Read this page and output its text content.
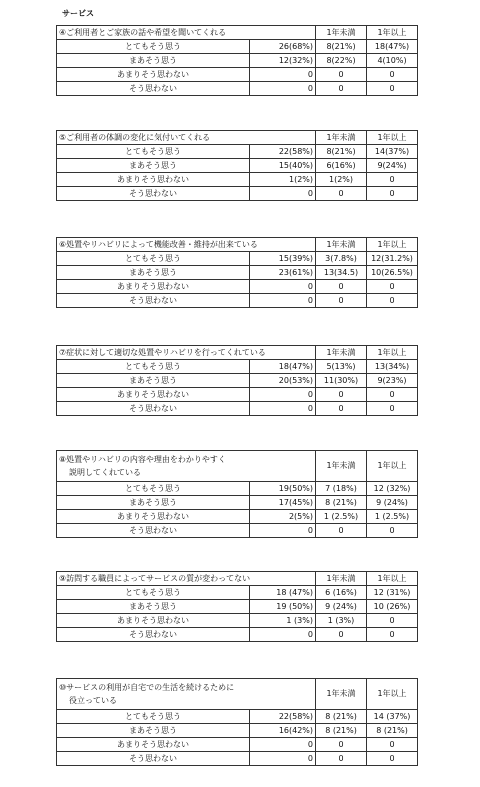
サービス
④ご利用者とご家族の話や希望を聞いてくれる		1年未満	1年以上
とてもそう思う	26(68%)	8(21%)	18(47%)
まあそう思う	12(32%)	8(22%)	4(10%)
あまりそう思わない	0	0	0
そう思わない	0	0	0
⑤ご利用者の体調の変化に気付いてくれる		1年未満	1年以上
とてもそう思う	22(58%)	8(21%)	14(37%)
まあそう思う	15(40%)	6(16%)	9(24%)
あまりそう思わない	1(2%)	1(2%)	0
そう思わない	0	0	0
⑥処置やリハビリによって機能改善・維持が出来ている		1年未満	1年以上
とてもそう思う	15(39%)	3(7.8%)	12(31.2%)
まあそう思う	23(61%)	13(34.5)	10(26.5%)
あまりそう思わない	0	0	0
そう思わない	0	0	0
⑦症状に対して適切な処置やリハビリを行ってくれている		1年未満	1年以上
とてもそう思う	18(47%)	5(13%)	13(34%)
まあそう思う	20(53%)	11(30%)	9(23%)
あまりそう思わない	0	0	0
そう思わない	0	0	0
⑧処置やリハビリの内容や理由をわかりやすく
説明してくれている		1年未満	1年以上
とてもそう思う	19(50%)	7 (18%)	12 (32%)
まあそう思う	17(45%)	8 (21%)	9 (24%)
あまりそう思わない	2(5%)	1 (2.5%)	1 (2.5%)
そう思わない	0	0	0
⑨訪問する職員によってサービスの質が変わってない		1年未満	1年以上
とてもそう思う	18 (47%)	6 (16%)	12 (31%)
まあそう思う	19 (50%)	9 (24%)	10 (26%)
あまりそう思わない	1 (3%)	1 (3%)	0
そう思わない	0	0	0
⑩サービスの利用が自宅での生活を続けるために
役立っている		1年未満	1年以上
とてもそう思う	22(58%)	8 (21%)	14 (37%)
まあそう思う	16(42%)	8 (21%)	8 (21%)
あまりそう思わない	0	0	0
そう思わない	0	0	0
